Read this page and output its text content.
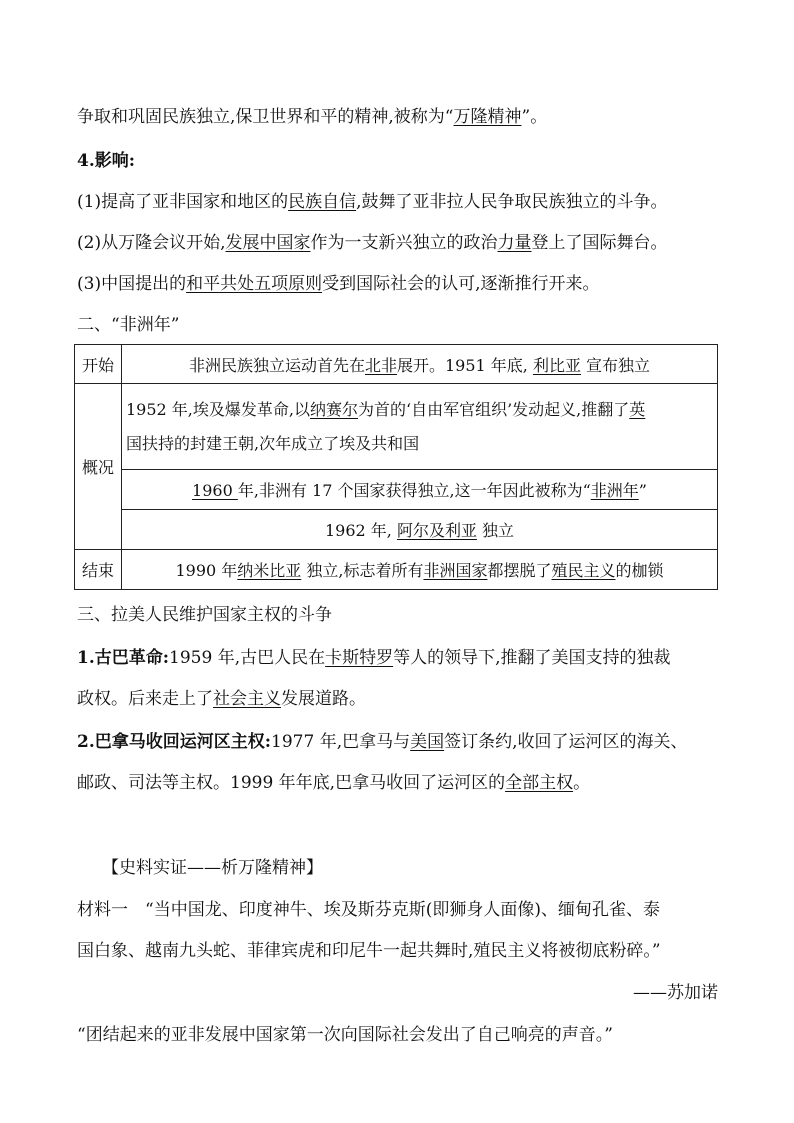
争取和巩固民族独立,保卫世界和平的精神,被称为“万隆精神”。
4.影响:
(1)提高了亚非国家和地区的民族自信,鼓舞了亚非拉人民争取民族独立的斗争。
(2)从万隆会议开始,发展中国家作为一支新兴独立的政治力量登上了国际舞台。
(3)中国提出的和平共处五项原则受到国际社会的认可,逐渐推行开来。
二、“非洲年”
开始	非洲民族独立运动首先在北非展开。1951 年底, 利比亚 宣布独立
概况	1952 年,埃及爆发革命,以纳赛尔为首的‘自由军官组织’发动起义,推翻了英
国扶持的封建王朝,次年成立了埃及共和国
	1960 年,非洲有 17 个国家获得独立,这一年因此被称为“非洲年”
	1962 年, 阿尔及利亚 独立
结束	1990 年纳米比亚 独立,标志着所有非洲国家都摆脱了殖民主义的枷锁
三、拉美人民维护国家主权的斗争
1.古巴革命:1959 年,古巴人民在卡斯特罗等人的领导下,推翻了美国支持的独裁
政权。后来走上了社会主义发展道路。
2.巴拿马收回运河区主权:1977 年,巴拿马与美国签订条约,收回了运河区的海关、
邮政、司法等主权。1999 年年底,巴拿马收回了运河区的全部主权。
【史料实证——析万隆精神】
材料一　“当中国龙、印度神牛、埃及斯芬克斯(即狮身人面像)、缅甸孔雀、泰
国白象、越南九头蛇、菲律宾虎和印尼牛一起共舞时,殖民主义将被彻底粉碎。”
——苏加诺
“团结起来的亚非发展中国家第一次向国际社会发出了自己响亮的声音。”
